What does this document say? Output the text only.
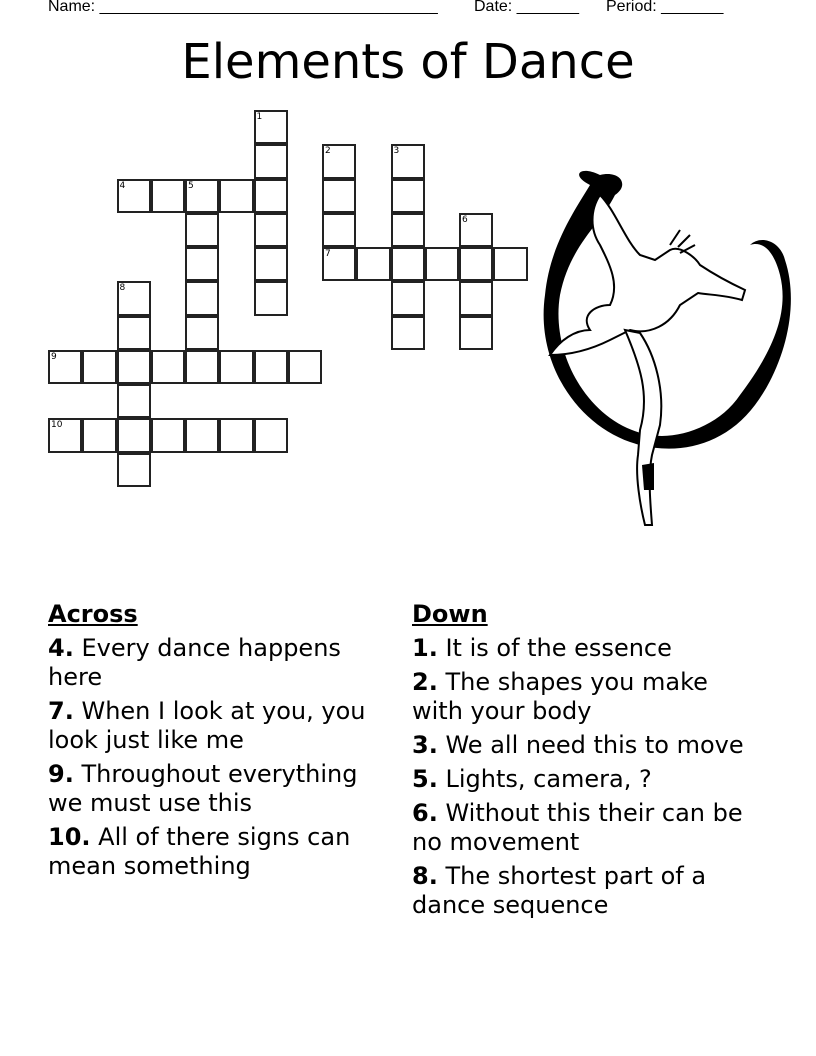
Name: ______________________________________ Date: _______ Period: _______
Elements of Dance
1
2
7
3
4	5
6
8
9
10
Across
4. Every dance happens here
7. When I look at you, you look just like me
9. Throughout everything we must use this
10. All of there signs can mean something
Down
1. It is of the essence
2. The shapes you make with your body
3. We all need this to move
5. Lights, camera, ?
6. Without this their can be no movement
8. The shortest part of a dance sequence
